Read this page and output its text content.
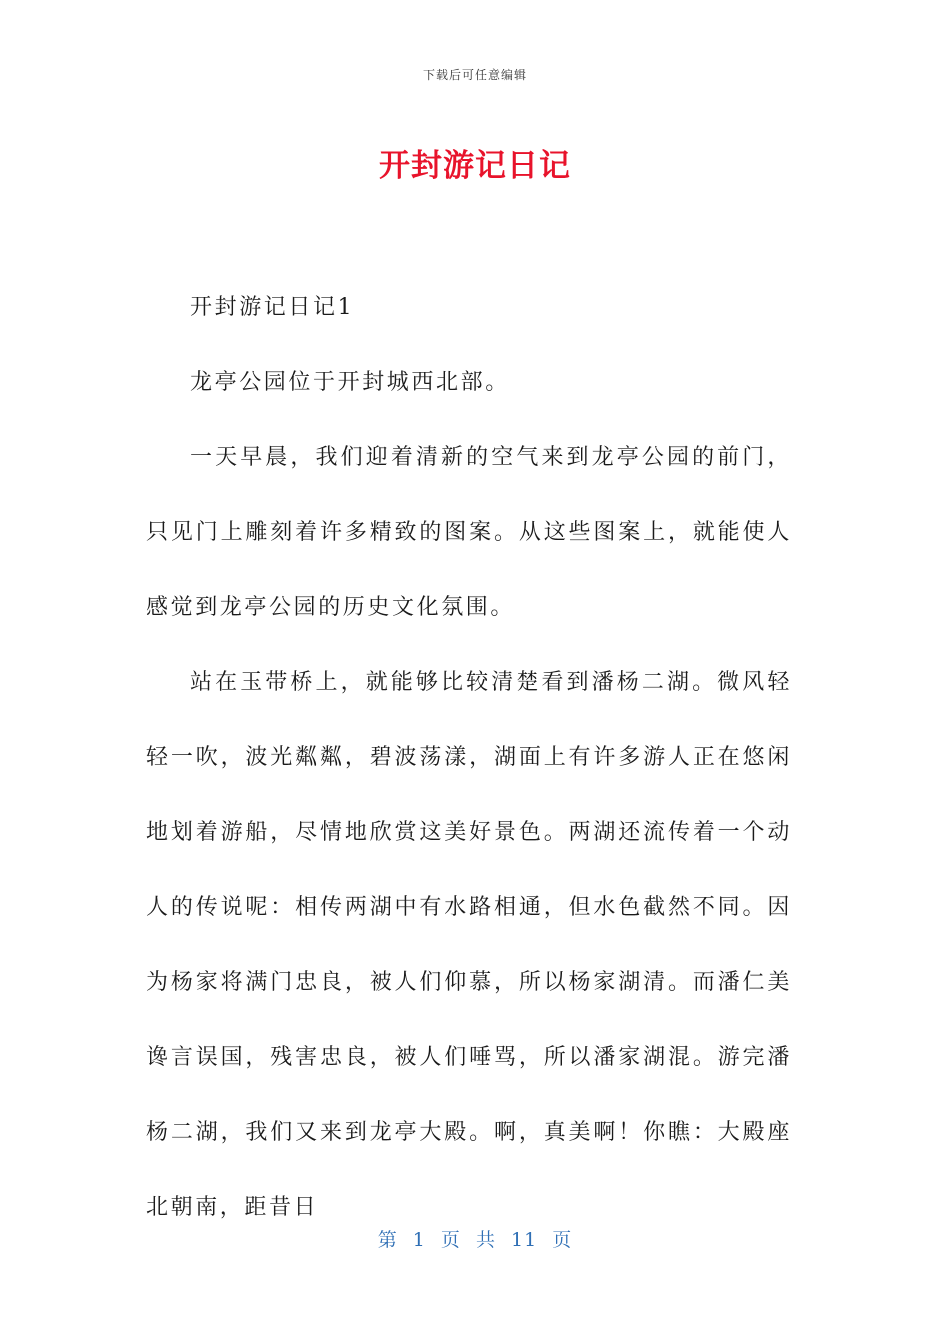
下载后可任意编辑
开封游记日记

开封游记日记1

龙亭公园位于开封城西北部。

一天早晨，我们迎着清新的空气来到龙亭公园的前门，只见门上雕刻着许多精致的图案。从这些图案上，就能使人感觉到龙亭公园的历史文化氛围。

站在玉带桥上，就能够比较清楚看到潘杨二湖。微风轻轻一吹，波光粼粼，碧波荡漾，湖面上有许多游人正在悠闲地划着游船，尽情地欣赏这美好景色。两湖还流传着一个动人的传说呢：相传两湖中有水路相通，但水色截然不同。因为杨家将满门忠良，被人们仰慕，所以杨家湖清。而潘仁美谗言误国，残害忠良，被人们唾骂，所以潘家湖混。游完潘杨二湖，我们又来到龙亭大殿。啊，真美啊！你瞧：大殿座北朝南，距昔日

第 1 页 共 11 页
